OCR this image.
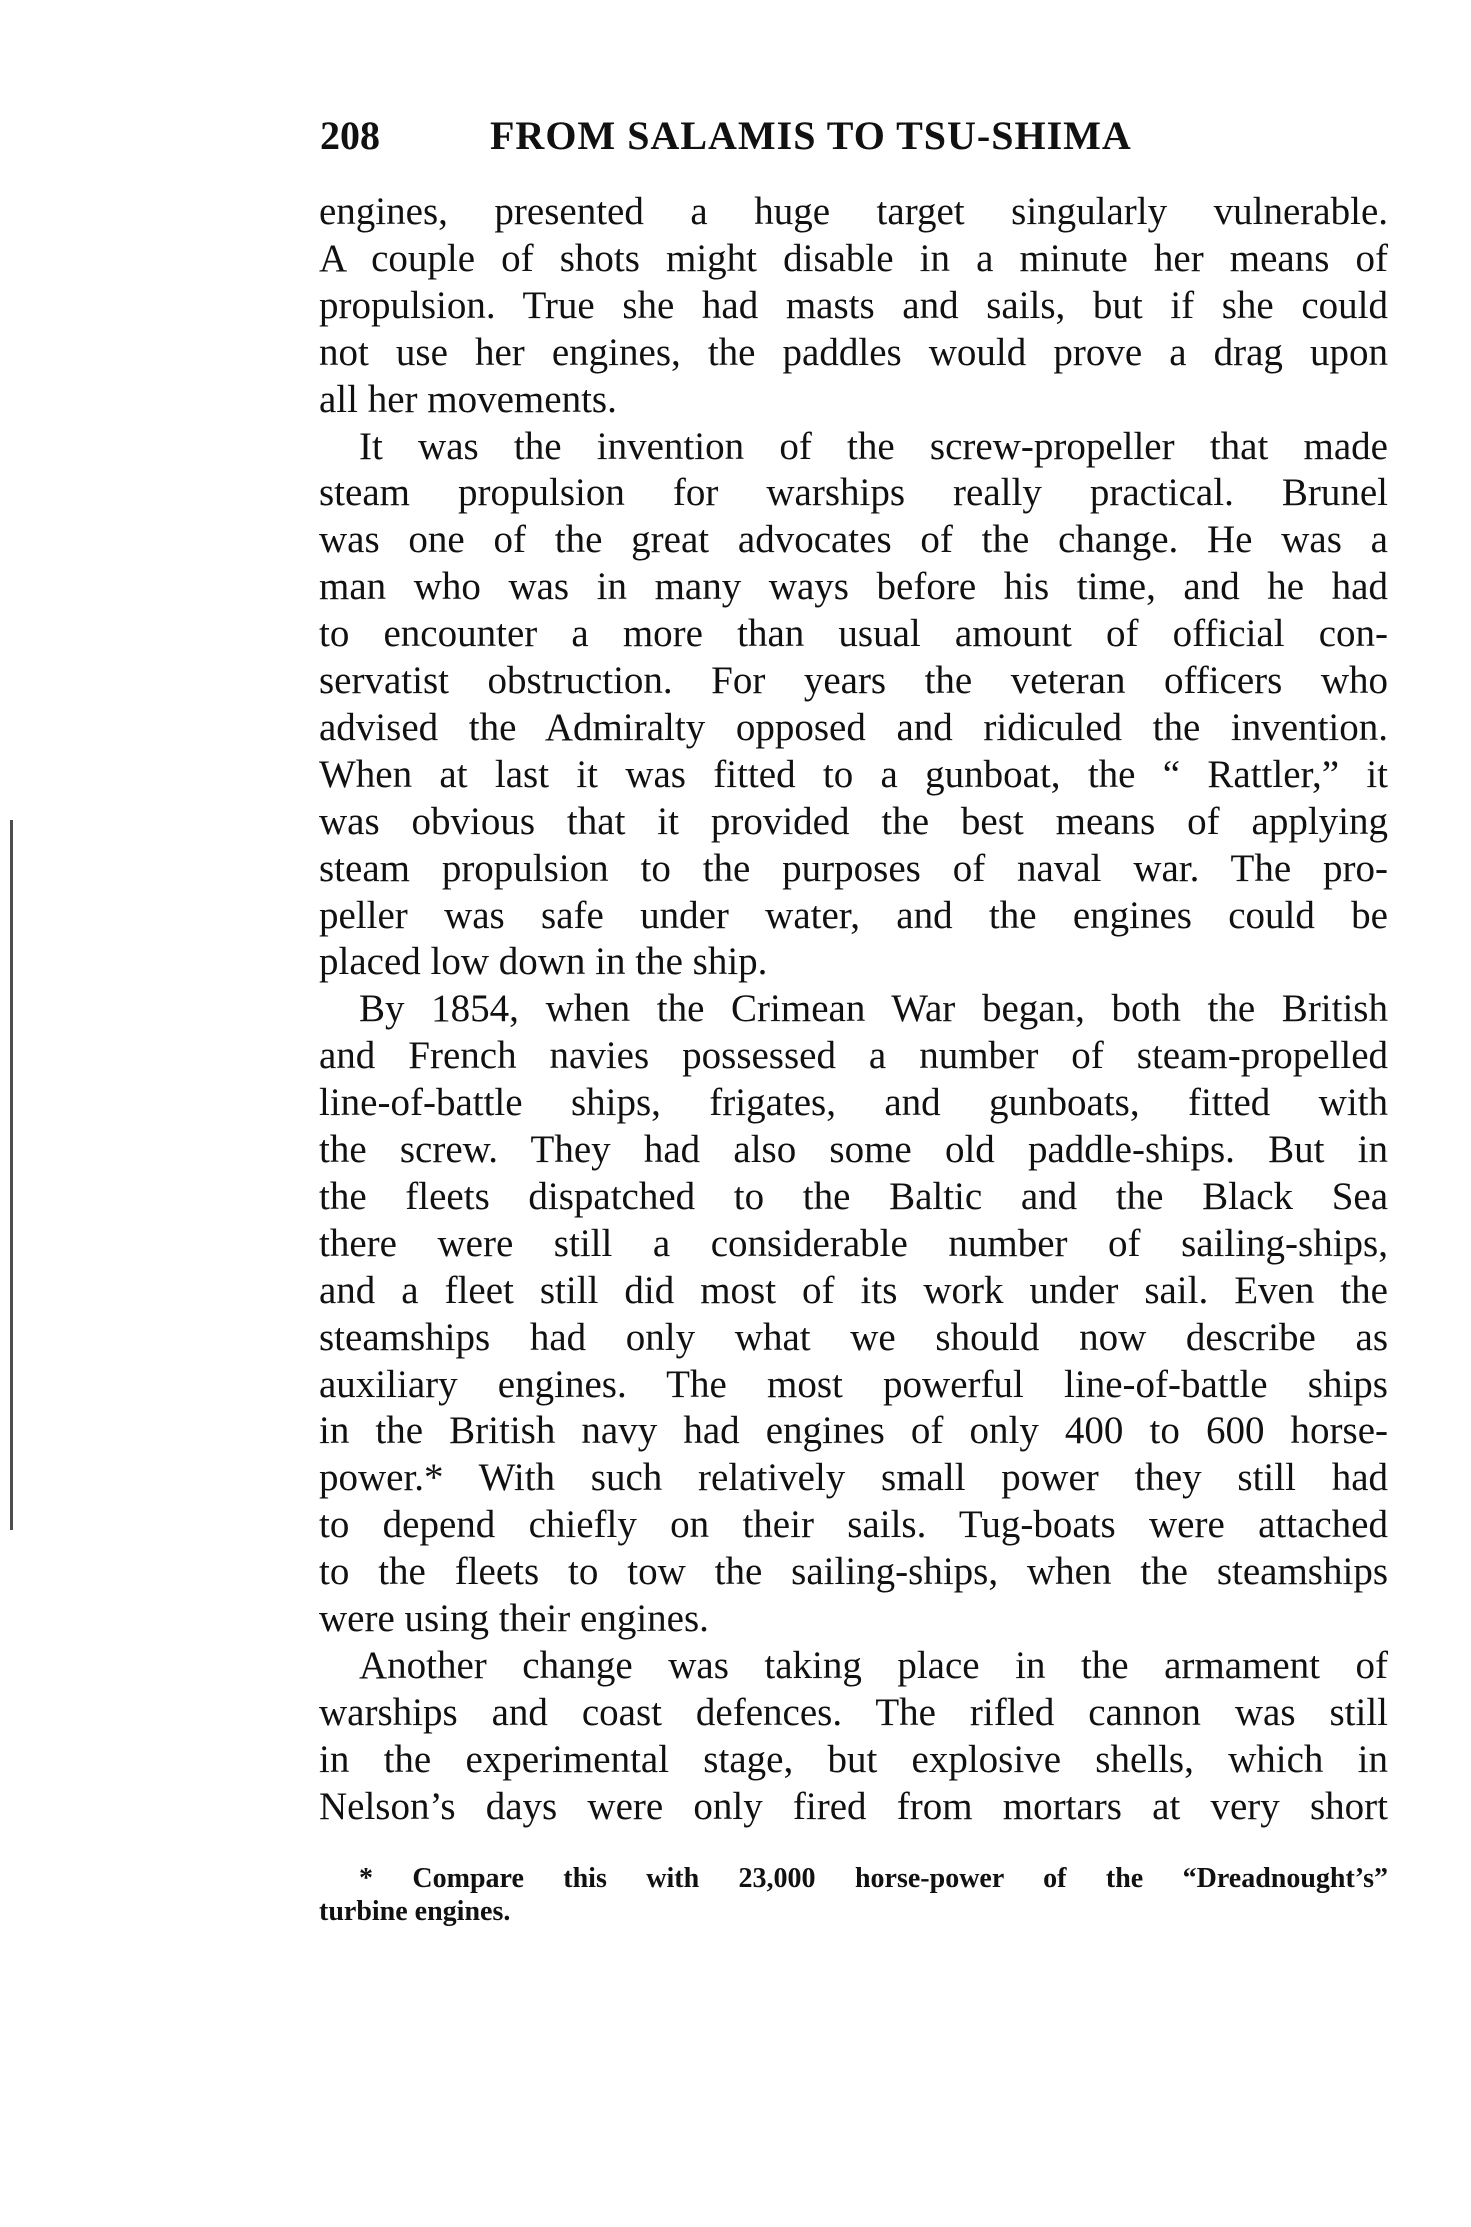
208	FROM SALAMIS TO TSU-SHIMA
engines, presented a huge target singularly vulnerable.
A couple of shots might disable in a minute her means of
propulsion. True she had masts and sails, but if she could
not use her engines, the paddles would prove a drag upon
all her movements.
It was the invention of the screw-propeller that made
steam propulsion for warships really practical. Brunel
was one of the great advocates of the change. He was a
man who was in many ways before his time, and he had
to encounter a more than usual amount of official con-
servatist obstruction. For years the veteran officers who
advised the Admiralty opposed and ridiculed the invention.
When at last it was fitted to a gunboat, the “ Rattler,” it
was obvious that it provided the best means of applying
steam propulsion to the purposes of naval war. The pro-
peller was safe under water, and the engines could be
placed low down in the ship.
By 1854, when the Crimean War began, both the British
and French navies possessed a number of steam-propelled
line-of-battle ships, frigates, and gunboats, fitted with
the screw. They had also some old paddle-ships. But in
the fleets dispatched to the Baltic and the Black Sea
there were still a considerable number of sailing-ships,
and a fleet still did most of its work under sail. Even the
steamships had only what we should now describe as
auxiliary engines. The most powerful line-of-battle ships
in the British navy had engines of only 400 to 600 horse-
power.* With such relatively small power they still had
to depend chiefly on their sails. Tug-boats were attached
to the fleets to tow the sailing-ships, when the steamships
were using their engines.
Another change was taking place in the armament of
warships and coast defences. The rifled cannon was still
in the experimental stage, but explosive shells, which in
Nelson’s days were only fired from mortars at very short
* Compare this with 23,000 horse-power of the “Dreadnought’s”
turbine engines.
